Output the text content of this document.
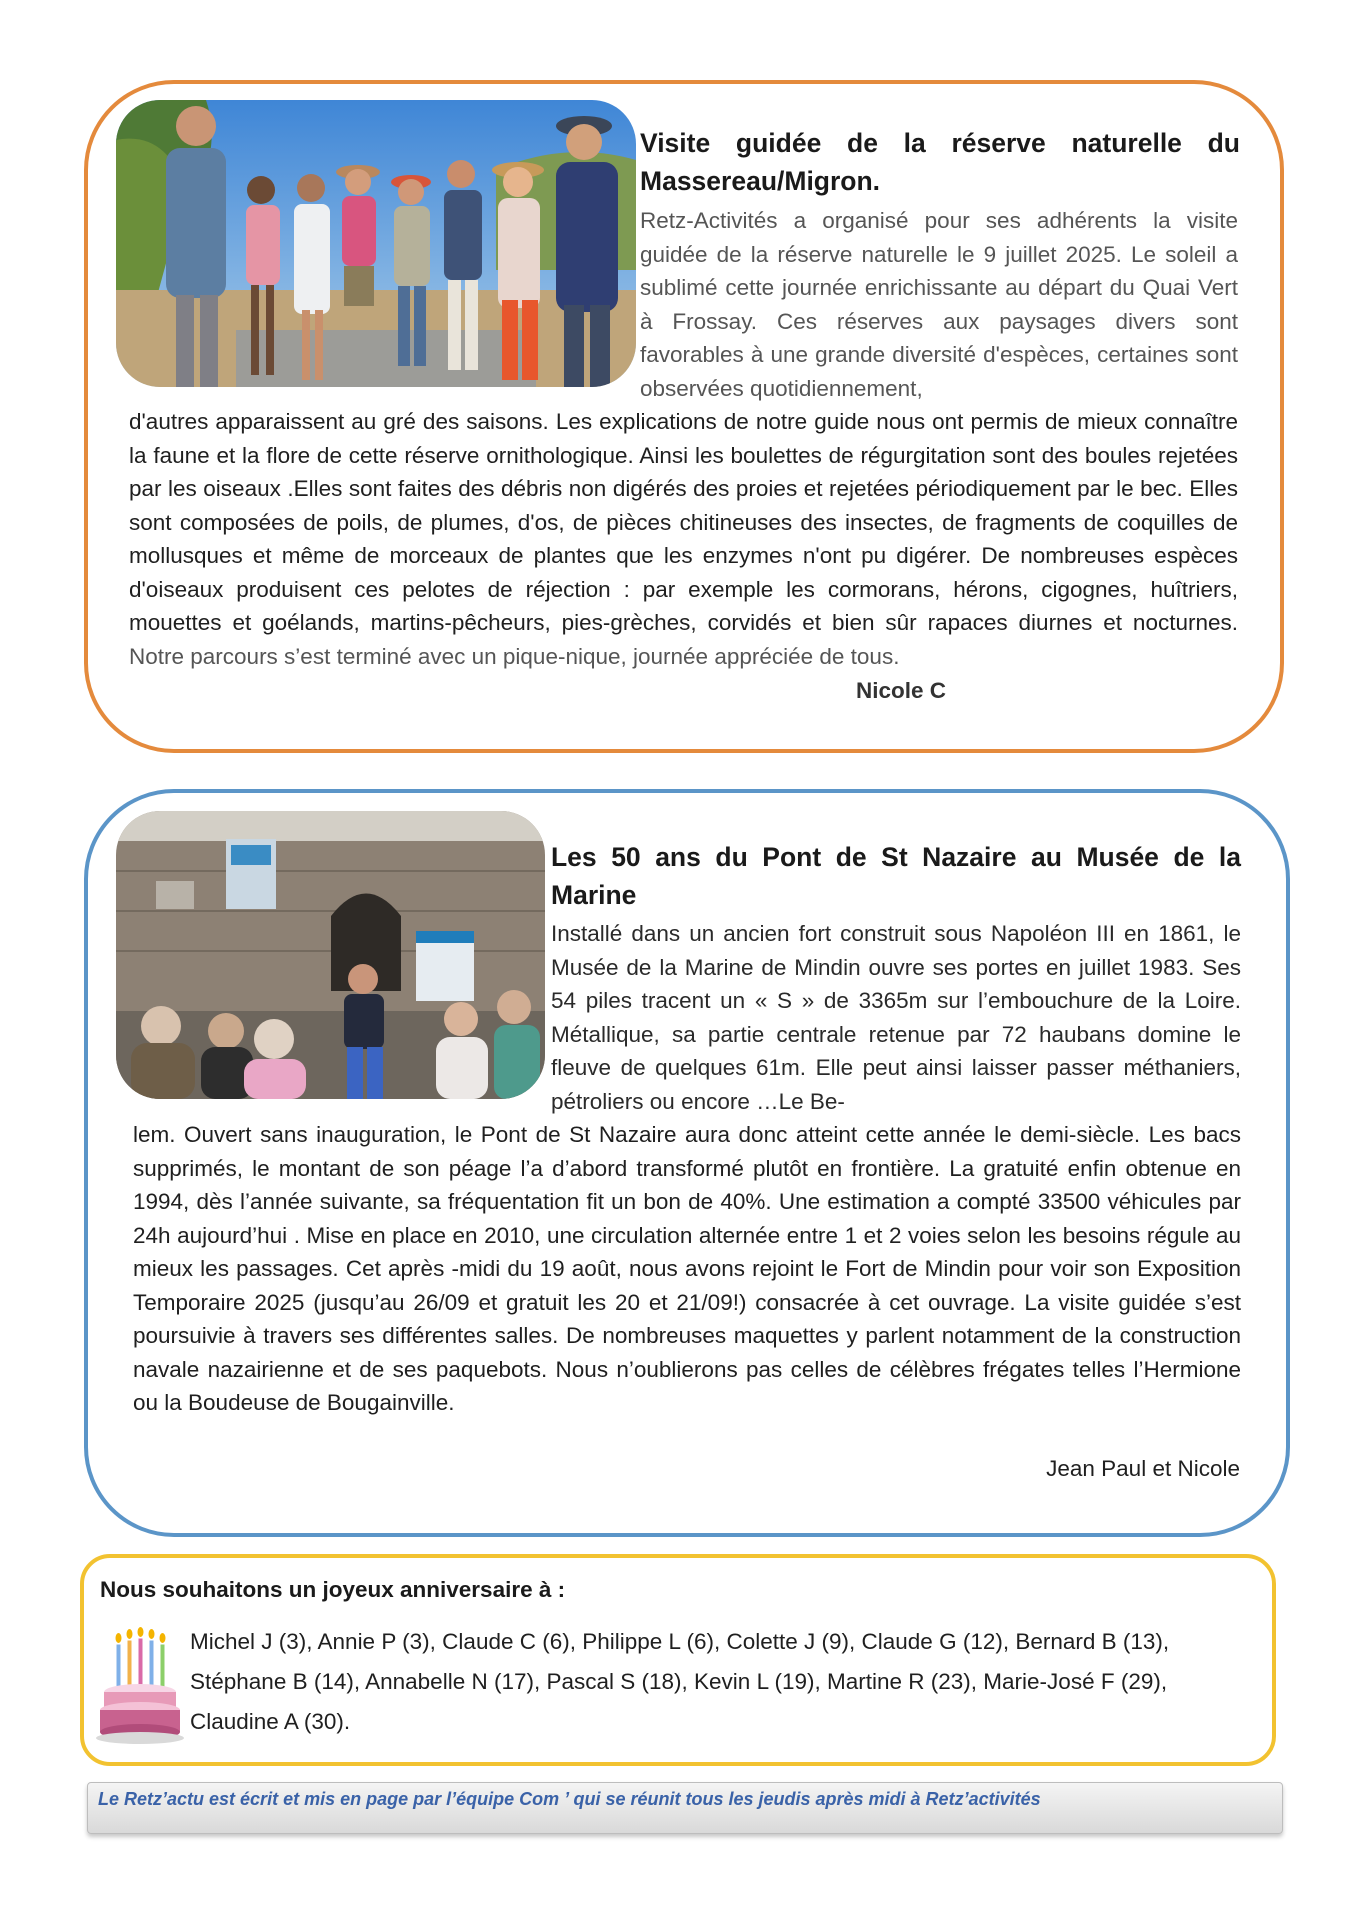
Visite guidée de la réserve naturelle du Massereau/Migron.

Retz-Activités a organisé pour ses adhérents la visite guidée de la réserve naturelle le 9 juillet 2025. Le soleil a sublimé cette journée enrichissante au départ du Quai Vert à Frossay. Ces réserves aux paysages divers sont favorables à une grande diversité d'espèces, certaines sont observées quotidiennement,

d'autres apparaissent au gré des saisons. Les explications de notre guide nous ont permis de mieux connaître la faune et la flore de cette réserve ornithologique. Ainsi les boulettes de régurgitation sont des boules rejetées par les oiseaux .Elles sont faites des débris non digérés des proies et rejetées périodiquement par le bec. Elles sont composées de poils, de plumes, d'os, de pièces chitineuses des insectes, de fragments de coquilles de mollusques et même de morceaux de plantes que les enzymes n'ont pu digérer. De nombreuses espèces d'oiseaux produisent ces pelotes de réjection : par exemple les cormorans, hérons, cigognes, huîtriers, mouettes et goélands, martins-pêcheurs, pies-grèches, corvidés et bien sûr rapaces diurnes et nocturnes. Notre parcours s’est terminé avec un pique-nique, journée appréciée de tous.

Nicole C
Les 50 ans du Pont de St Nazaire au Musée de la Marine

Installé dans un ancien fort construit sous Napoléon III en 1861, le Musée de la Marine de Mindin ouvre ses portes en juillet 1983. Ses 54 piles tracent un « S » de 3365m sur l’embouchure de la Loire. Métallique, sa partie centrale retenue par 72 haubans domine le fleuve de quelques 61m. Elle peut ainsi laisser passer méthaniers, pétroliers ou encore …Le Be-

lem. Ouvert sans inauguration, le Pont de St Nazaire aura donc atteint cette année le demi-siècle. Les bacs supprimés, le montant de son péage l’a d’abord transformé plutôt en frontière. La gratuité enfin obtenue en 1994, dès l’année suivante, sa fréquentation fit un bon de 40%. Une estimation a compté 33500 véhicules par 24h aujourd’hui . Mise en place en 2010, une circulation alternée entre 1 et 2 voies selon les besoins régule au mieux les passages. Cet après -midi du 19 août, nous avons rejoint le Fort de Mindin pour voir son Exposition Temporaire 2025 (jusqu’au 26/09 et gratuit les 20 et 21/09!) consacrée à cet ouvrage. La visite guidée s’est poursuivie à travers ses différentes salles. De nombreuses maquettes y parlent notamment de la construction navale nazairienne et de ses paquebots. Nous n’oublierons pas celles de célèbres frégates telles l’Hermione ou la Boudeuse de Bougainville.

Jean Paul et Nicole
Nous souhaitons un joyeux anniversaire à :

Michel J (3), Annie P (3), Claude C (6), Philippe L (6), Colette J (9), Claude G (12), Bernard B (13), Stéphane B (14), Annabelle N (17), Pascal S (18), Kevin L (19), Martine R (23), Marie-José F (29), Claudine A (30).

Le Retz’actu est écrit et mis en page par l’équipe Com ’ qui se réunit tous les jeudis après midi à Retz’activités
